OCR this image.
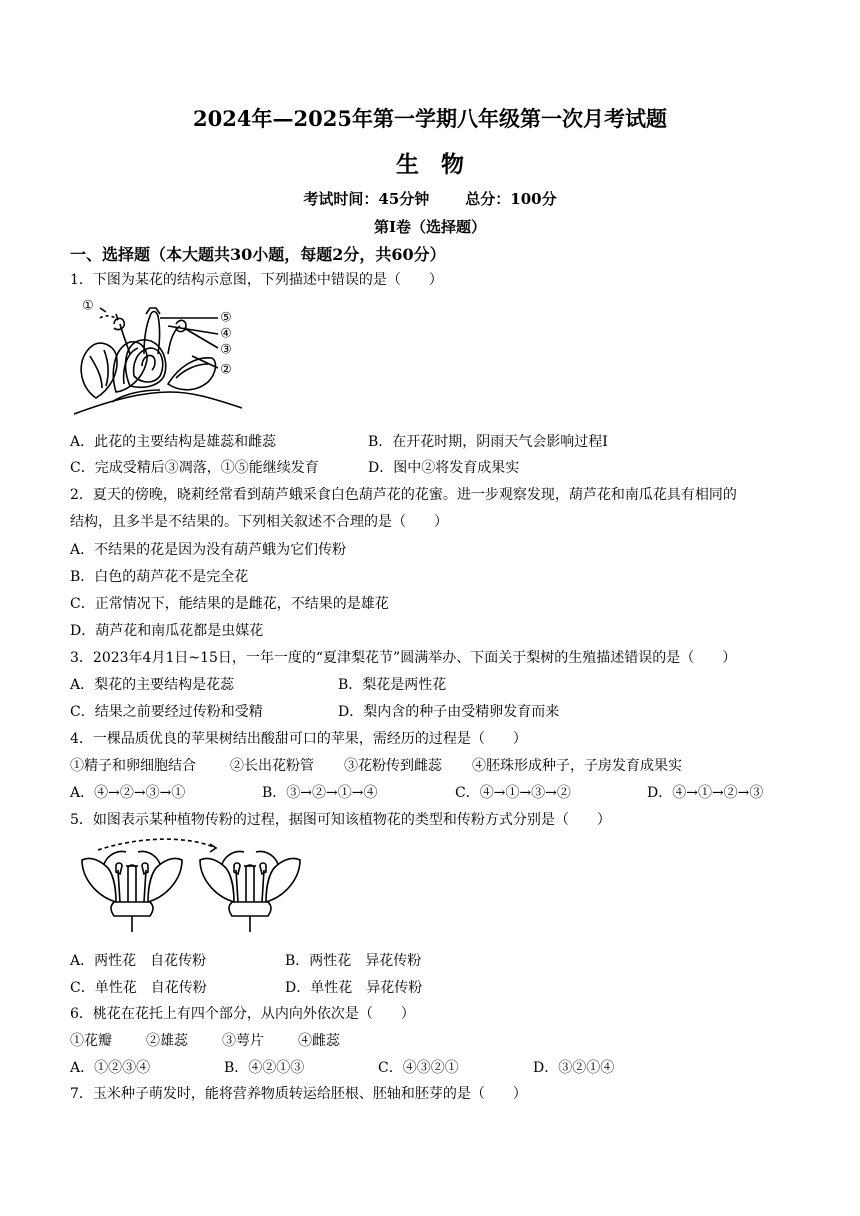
2024年—2025年第一学期八年级第一次月考试题
生物
考试时间：45分钟 总分：100分
第Ⅰ卷（选择题）
一、选择题（本大题共30小题，每题2分，共60分）
1．下图为某花的结构示意图，下列描述中错误的是（　　）
①
⑤
④
③
②
A．此花的主要结构是雄蕊和雌蕊	B．在开花时期，阴雨天气会影响过程Ⅰ
C．完成受精后③凋落，①⑤能继续发育	D．图中②将发育成果实
2．夏天的傍晚，晓莉经常看到葫芦蛾采食白色葫芦花的花蜜。进一步观察发现，葫芦花和南瓜花具有相同的
结构，且多半是不结果的。下列相关叙述不合理的是（　　）
A．不结果的花是因为没有葫芦蛾为它们传粉
B．白色的葫芦花不是完全花
C．正常情况下，能结果的是雌花，不结果的是雄花
D．葫芦花和南瓜花都是虫媒花
3．2023年4月1日~15日，一年一度的“夏津梨花节”圆满举办、下面关于梨树的生殖描述错误的是（　　）
A．梨花的主要结构是花蕊	B．梨花是两性花
C．结果之前要经过传粉和受精	D．梨内含的种子由受精卵发育而来
4．一棵品质优良的苹果树结出酸甜可口的苹果，需经历的过程是（　　）
①精子和卵细胞结合 ②长出花粉管 ③花粉传到雌蕊 ④胚珠形成种子，子房发育成果实
A．④→②→③→①	B．③→②→①→④	C．④→①→③→②	D．④→①→②→③
5．如图表示某种植物传粉的过程，据图可知该植物花的类型和传粉方式分别是（　　）
A．两性花　自花传粉	B．两性花　异花传粉
C．单性花　自花传粉	D．单性花　异花传粉
6．桃花在花托上有四个部分，从内向外依次是（　　）
①花瓣 ②雄蕊 ③萼片 ④雌蕊
A．①②③④	B．④②①③	C．④③②①	D．③②①④
7．玉米种子萌发时，能将营养物质转运给胚根、胚轴和胚芽的是（　　）
